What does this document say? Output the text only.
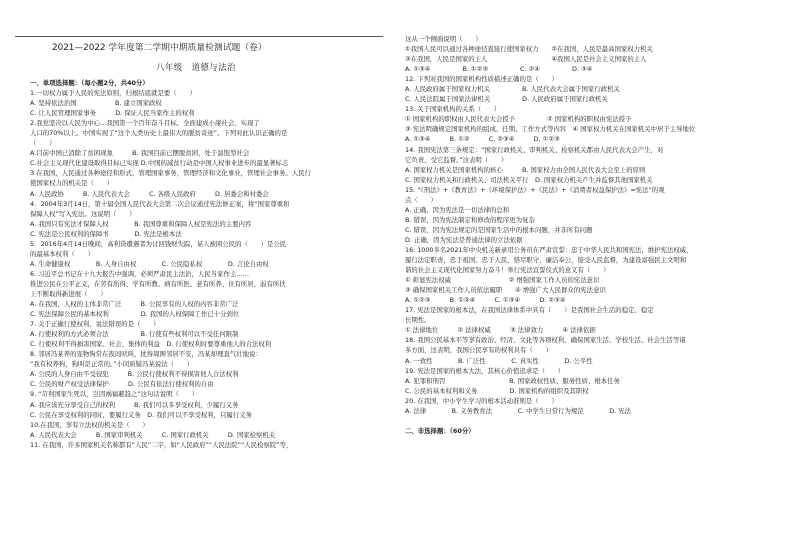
2021—2022 学年度第二学期中期质量检测试题（卷）
八年级　道德与法治
一、单项选择题：（每小题2分，共40分）
1.一切权力属于人民的宪法原则，归根结底就是要（　　）
A. 坚持依法治国　　　　　　B. 建立国家政权
C. 让人民管理国家事务　　　D. 保证人民当家作主的权利
2.我党坚决以人民为中心…我国第一个百年奋斗目标，全面建成小康社会，实现了
人口的70%以上。中国实现了“这个人类历史上最伟大的脱贫奇迹”。下列对此认识正确的是
（　　）
A.目前中国已消除了贫困现象　　　B. 我国目前已摆脱贫困，处于温饱型社会
C.社会主义现代化建设取得目标已实现 D.中国的减贫行动是中国人权事业进步的最显著标志
3.在我国，人民通过各种途径和形式，管理国家事务，管理经济和文化事业，管理社会事务。人民行
使国家权力的机关是（　　）
A. 人民政协　　　B. 人民代表大会　　　C. 各级人民政府　　　D. 居委会和村委会
4．2004年3月14日，第十届全国人民代表大会第二次会议通过宪法修正案，将“国家尊重和
保障人权”写入宪法。这说明（　　）
A. 我国只有宪法才保障人权　　　　B. 我国尊重和保障人权是宪法的主要内容
C. 宪法是公民权利的保障书　　　　D. 宪法是根本法
5．2016年4月14日晚间，高利贷遭遇者为讨回钱财失踪，某人被困公民的（　　）是公民
的最基本权利（　　）
A. 生命健康权　　　　B. 人身自由权　　　　C. 公民隐私权　　　　D. 言论自由权
6. 习近平总书记在十九大报告中强调，必须严肃民主法治，人民当家作主……
推进公民在公平正义，在劳有所得、学有所教、病有所医、老有所养、住有所居、弱有所扶
上不断取得新进展（　　）
A. 在我国，人权的主体非常广泛　　　B. 公民享有的人权的内容非常广泛
C. 宪法保障公民的基本权利　　　　　D. 我国的人权保障工作已十分到位
7. 关于正确行使权利，说法错误的是（　　）
A. 行使权利的方式必须合法　　　　　B. 行使有些权利可以不受任何限制
C. 行使权利不得损害国家、社会、集体的利益　D. 行使权利时要尊重他人的合法权利
8. 邻居冯某养的宠物狗常在夜间吠叫，扰得周围邻居不安，冯某却理直气壮地说：
“我有权养狗，狗叫是正常的。”小闵质疑冯某说法（　　）
A. 公民的人身自由不受侵犯　　　B. 公民行使权利不得损害他人合法权利
C. 公民的财产权受法律保护　　　D. 公民有依法行使权利的自由
9. “苛利国家生死以，岂因祸福避趋之”这句话说明（　　）
A. 我应该充分享受自己的权利　　　B. 我们可以多享受权利，少履行义务
C. 公民在享受权利的同时，要履行义务　D. 我们可以不享受权利，只履行义务
10.在我国，享有立法权的机关是（　　）
A. 人民代表大会　　　B. 国家审判机关　　　C. 国家行政机关　　　D. 国家检察机关
11. 在我国，许多国家机关名称都有“人民”二字，如“人民政府”“人民法院”“人民检察院”等，
这从一个侧面说明（　　）
①我国人民可以通过各种途径直接行使国家权力　　②在我国，人民是最高国家权力机关
③在我国，人民是国家的主人　　　　　　　　　　④我国人民是社会主义国家的主人
A. ①③④　　　　　B. ①②③　　　　　C. ②④　　　　　D. ③④
12. 下列对我国的国家机构性质描述正确的是（　　）
A. 人民政府属于国家权力机关　　　　　B. 人民代表大会属于国家行政机关
C. 人民法院属于国家法律机关　　　　　D. 人民政府属于国家行政机关
13. 关于国家机构的关系（　　）
① 国家机构的职权由人民代表大会授予　　　　　② 国家机构的职权由宪法授予
③ 宪法明确规定国家机构的组成、任期、工作方式等内容　④ 国家权力机关在国家机关中居于主导地位
A. ①③④　　　B. ①②　　　C. ②③④　　　D. ①②③
14. 我国宪法第三条规定：“国家行政机关、审判机关、检察机关都由人民代表大会产生，对
它负责，受它监督。”这表明（　　）
A. 国家权力机关是国家机构的核心　　　B. 国家权力由全国人民代表大会至上的原则
C. 国家权力机关和行政机关、司法机关平行　D. 国家权力机关产生并监督其他国家机关
15. “《刑法》+《教育法》+《环境保护法》+《民法》+《消费者权益保护法》=宪法”的观
点（　　）
A. 正确，因为宪法是一切法律的总和
B. 错误，因为宪法制定和修改的程序更为复杂
C. 错误，因为宪法规定的是国家生活中的根本问题，并非所有问题
D. 正确，因为宪法是普通法律的立法依据
16. 1000多名2021年中央机关新录用公务员在严肃宣誓：忠于中华人民共和国宪法，维护宪法权威，
履行法定职责，忠于祖国、忠于人民，恪尽职守、廉洁奉公，接受人民监督，为建设富强民主文明和
谐的社会主义现代化国家努力奋斗！举行宪法宣誓仪式的意义有（　　）
① 彰显宪法权威　　　　　　　　　② 增强国家工作人员的宪法意识
③ 确保国家机关工作人员依法履职　　④ 增强广大人民群众的宪法意识
A. ①②③　　　B. ①②④　　　C. ①③④　　　D. ②③④
17. 宪法是国家的根本法，在我国法律体系中具有（　　）是我国社会生活的稳定、稳定
长期性。
① 法律地位　　　② 法律权威　　　③ 法律效力　　　④ 法律依据
18. 我国公民基本平等享有政治、经济、文化等各项权利，确保国家生活、学校生活、社会生活等诸
多方面，这表明，我国公民享有的权利具有（　　）
A. 一致性　　　　B. 广泛性　　　　C. 真实性　　　　D. 公平性
19. 宪法是国家的根本大法，其核心价值追求是（　　）
A. 犯罪和刑罚　　　　　　　　　　B. 国家政权性质、服务性质、根本任务
C. 公民的基本权利和义务　　　　　D. 国家机构的组织及其职权
20. 在我国，中小学生学习的根本活动准则是（　　）
A. 法律　　　　B. 义务教育法　　　　C. 中学生日常行为规范　　　　D. 宪法
二、非选择题：（60分）
